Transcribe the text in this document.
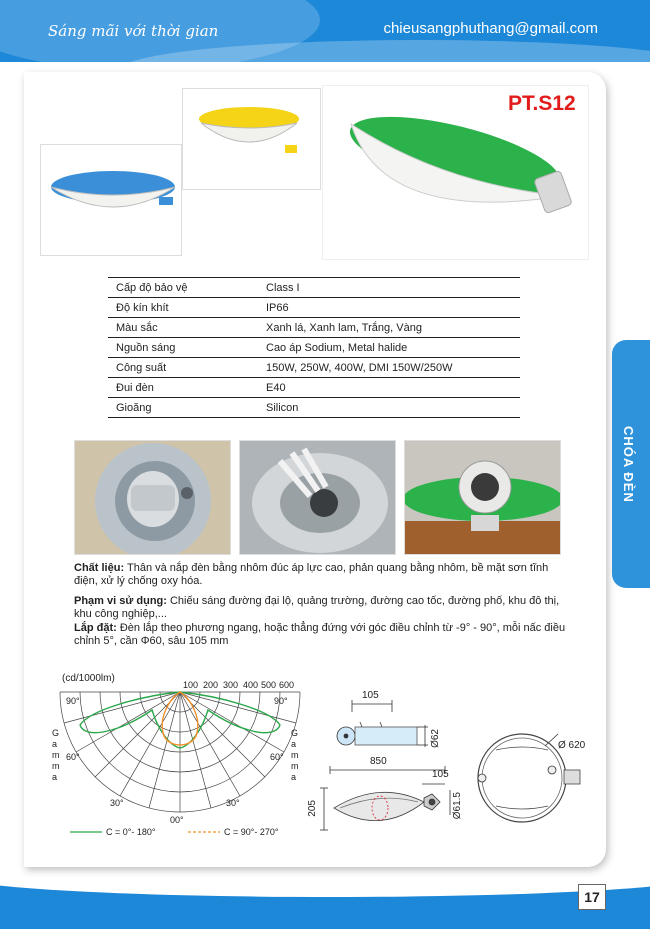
Sáng mãi với thời gian	chieusangphuthang@gmail.com
PT.S12
Cấp độ bảo vệ	Class I
Độ kín khít	IP66
Màu sắc	Xanh lá, Xanh lam, Trắng, Vàng
Nguồn sáng	Cao áp Sodium, Metal halide
Công suất	150W, 250W, 400W, DMI 150W/250W
Đui đèn	E40
Gioăng	Silicon
Chất liệu: Thân và nắp đèn bằng nhôm đúc áp lực cao, phản quang bằng nhôm, bề mặt sơn tĩnh điện, xử lý chống oxy hóa.
Phạm vi sử dụng: Chiếu sáng đường đại lộ, quảng trường, đường cao tốc, đường phố, khu đô thị, khu công nghiệp,...
Lắp đặt: Đèn lắp theo phương ngang, hoặc thẳng đứng với góc điều chỉnh từ -9° - 90°, mỗi nấc điều chỉnh 5°, cần Φ60, sâu 105 mm
(cd/1000lm)
100 200 300 400 500 600
90°
60°
30°
00°
30°
60°
90°
Gamma
Gamma
C = 0°- 180°	C = 90°- 270°
105
Ø62
850
105
205	Ø61.5
Ø 620
CHÓA ĐÈN
17
